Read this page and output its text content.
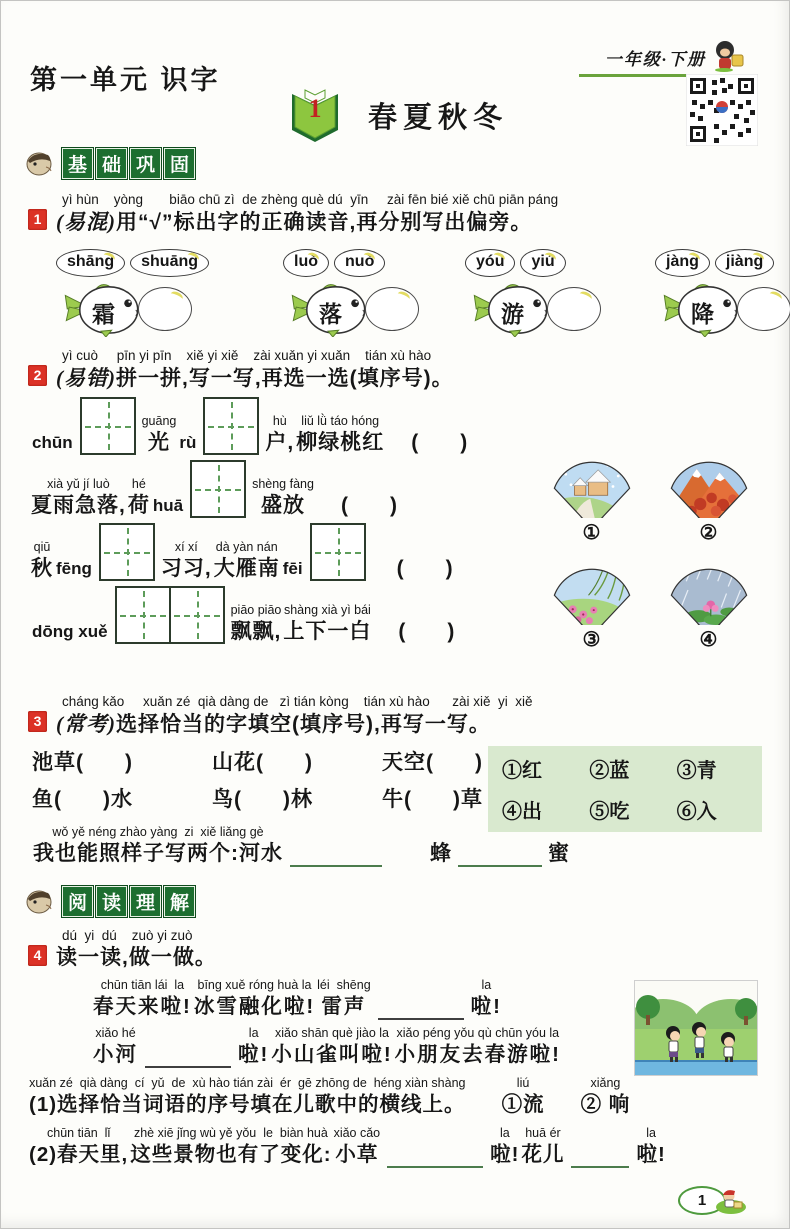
第一单元 识字
一年级·下册
1	春夏秋冬
基 础 巩 固
1
yì hùn    yòng       biāo chū zì  de zhèng què dú  yīn     zài fēn bié xiě chū piān páng
(易混)用“√”标出字的正确读音,再分别写出偏旁。
shāng	shuāng
霜
luò	nuò
落
yóu	yiú
游
jàng	jiàng
降
2
yì cuò     pīn yi pīn    xiě yi xiě    zài xuǎn yi xuǎn    tián xù hào
(易错)拼一拼,写一写,再选一选(填序号)。
chūn
guāng
光 rù
hù
户,
liǔ lǜ táo hóng
柳绿桃红 (      )
xià yǔ jí luò
夏雨急落,
hé
荷 huā
shèng fàng
盛放 (      )
qiū
秋 fēng
xí xí
习习,
dà yàn nán
大雁南 fēi	(      )
dōng xuě
piāo piāo
飘飘,
shàng xià yì bái
上下一白 (      )
①	②
③	④
3
cháng kǎo     xuǎn zé  qià dàng de   zì tián kòng    tián xù hào      zài xiě  yi  xiě
(常考)选择恰当的字填空(填序号),再写一写。
池草(      )	山花(      )	天空(      )
鱼(      )水	鸟(      )林	牛(      )草
①红	②蓝	③青
④出	⑤吃	⑥入
wǒ yě néng zhào yàng  zi  xiě liǎng gè
我也能照样子写两个:河水	蜂	蜜
阅 读 理 解
4
dú  yi  dú    zuò yi zuò
读一读,做一做。
chūn tiān lái  la
春天来啦!
bīng xuě róng huà la
冰雪融化啦!
léi  shēng
雷声
la
啦!
xiǎo hé
小河
la
啦!
xiǎo shān què jiào la
小山雀叫啦!
xiǎo péng yǒu qù chūn yóu la
小朋友去春游啦!
xuǎn zé  qià dàng  cí  yǔ  de  xù hào tián zài  ér  gē zhōng de  héng xiàn shàng
(1)选择恰当词语的序号填在儿歌中的横线上。
liú
①流
xiǎng
② 响
chūn tiān  lǐ
(2)春天里,
zhè xiē jǐng wù yě yǒu  le  biàn huà
这些景物也有了变化:
xiǎo cǎo
小草
la
啦!
huā ér
花儿
la
啦!
1
